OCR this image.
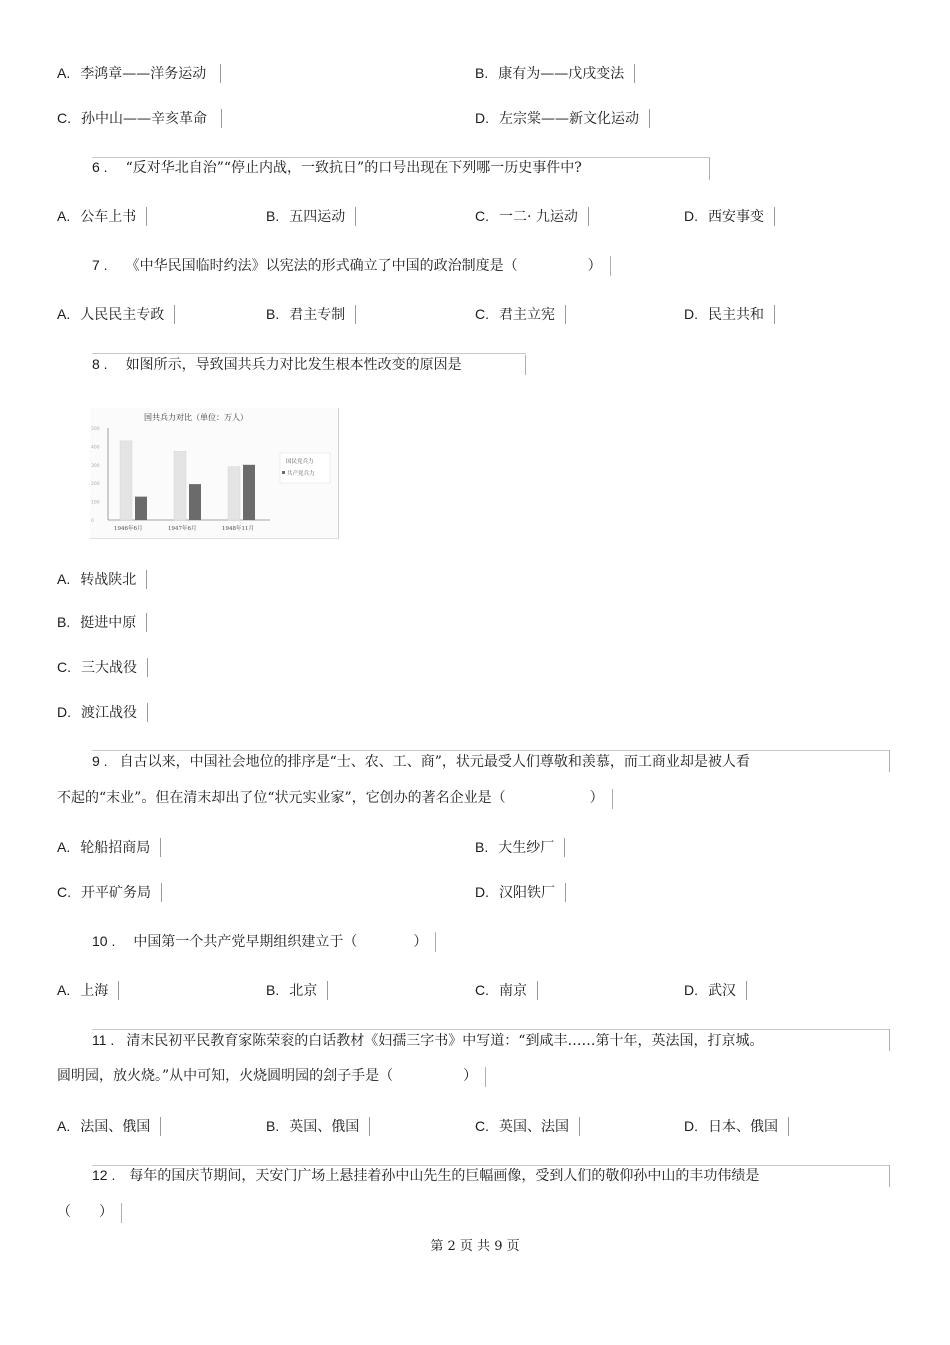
A. 李鸿章——洋务运动	B. 康有为——戊戌变法
C. 孙中山——辛亥革命	D. 左宗棠——新文化运动
6 . “反对华北自治”“停止内战，一致抗日”的口号出现在下列哪一历史事件中?
A. 公车上书	B. 五四运动	C. 一二· 九运动	D. 西安事变
7 . 《中华民国临时约法》以宪法的形式确立了中国的政治制度是（　　　　　）
A. 人民民主专政	B. 君主专制	C. 君主立宪	D. 民主共和
8 . 如图所示，导致国共兵力对比发生根本性改变的原因是
国共兵力对比（单位：万人）
500
400
300
200
100
0
1946年6月	1947年6月	1948年11月
国民党兵力
共产党兵力
A. 转战陕北
B. 挺进中原
C. 三大战役
D. 渡江战役
9 . 自古以来，中国社会地位的排序是“士、农、工、商”，状元最受人们尊敬和羡慕，而工商业却是被人看
不起的“末业”。但在清末却出了位“状元实业家”，它创办的著名企业是（　　　　　　）
A. 轮船招商局	B. 大生纱厂
C. 开平矿务局	D. 汉阳铁厂
10 . 中国第一个共产党早期组织建立于（　　　　）
A. 上海	B. 北京	C. 南京	D. 武汉
11 . 清末民初平民教育家陈荣衮的白话教材《妇孺三字书》中写道：“到咸丰……第十年，英法国，打京城。
圆明园，放火烧。”从中可知，火烧圆明园的刽子手是（　　　　　）
A. 法国、俄国	B. 英国、俄国	C. 英国、法国	D. 日本、俄国
12 . 每年的国庆节期间，天安门广场上悬挂着孙中山先生的巨幅画像，受到人们的敬仰孙中山的丰功伟绩是
（　　）
第 2 页 共 9 页
